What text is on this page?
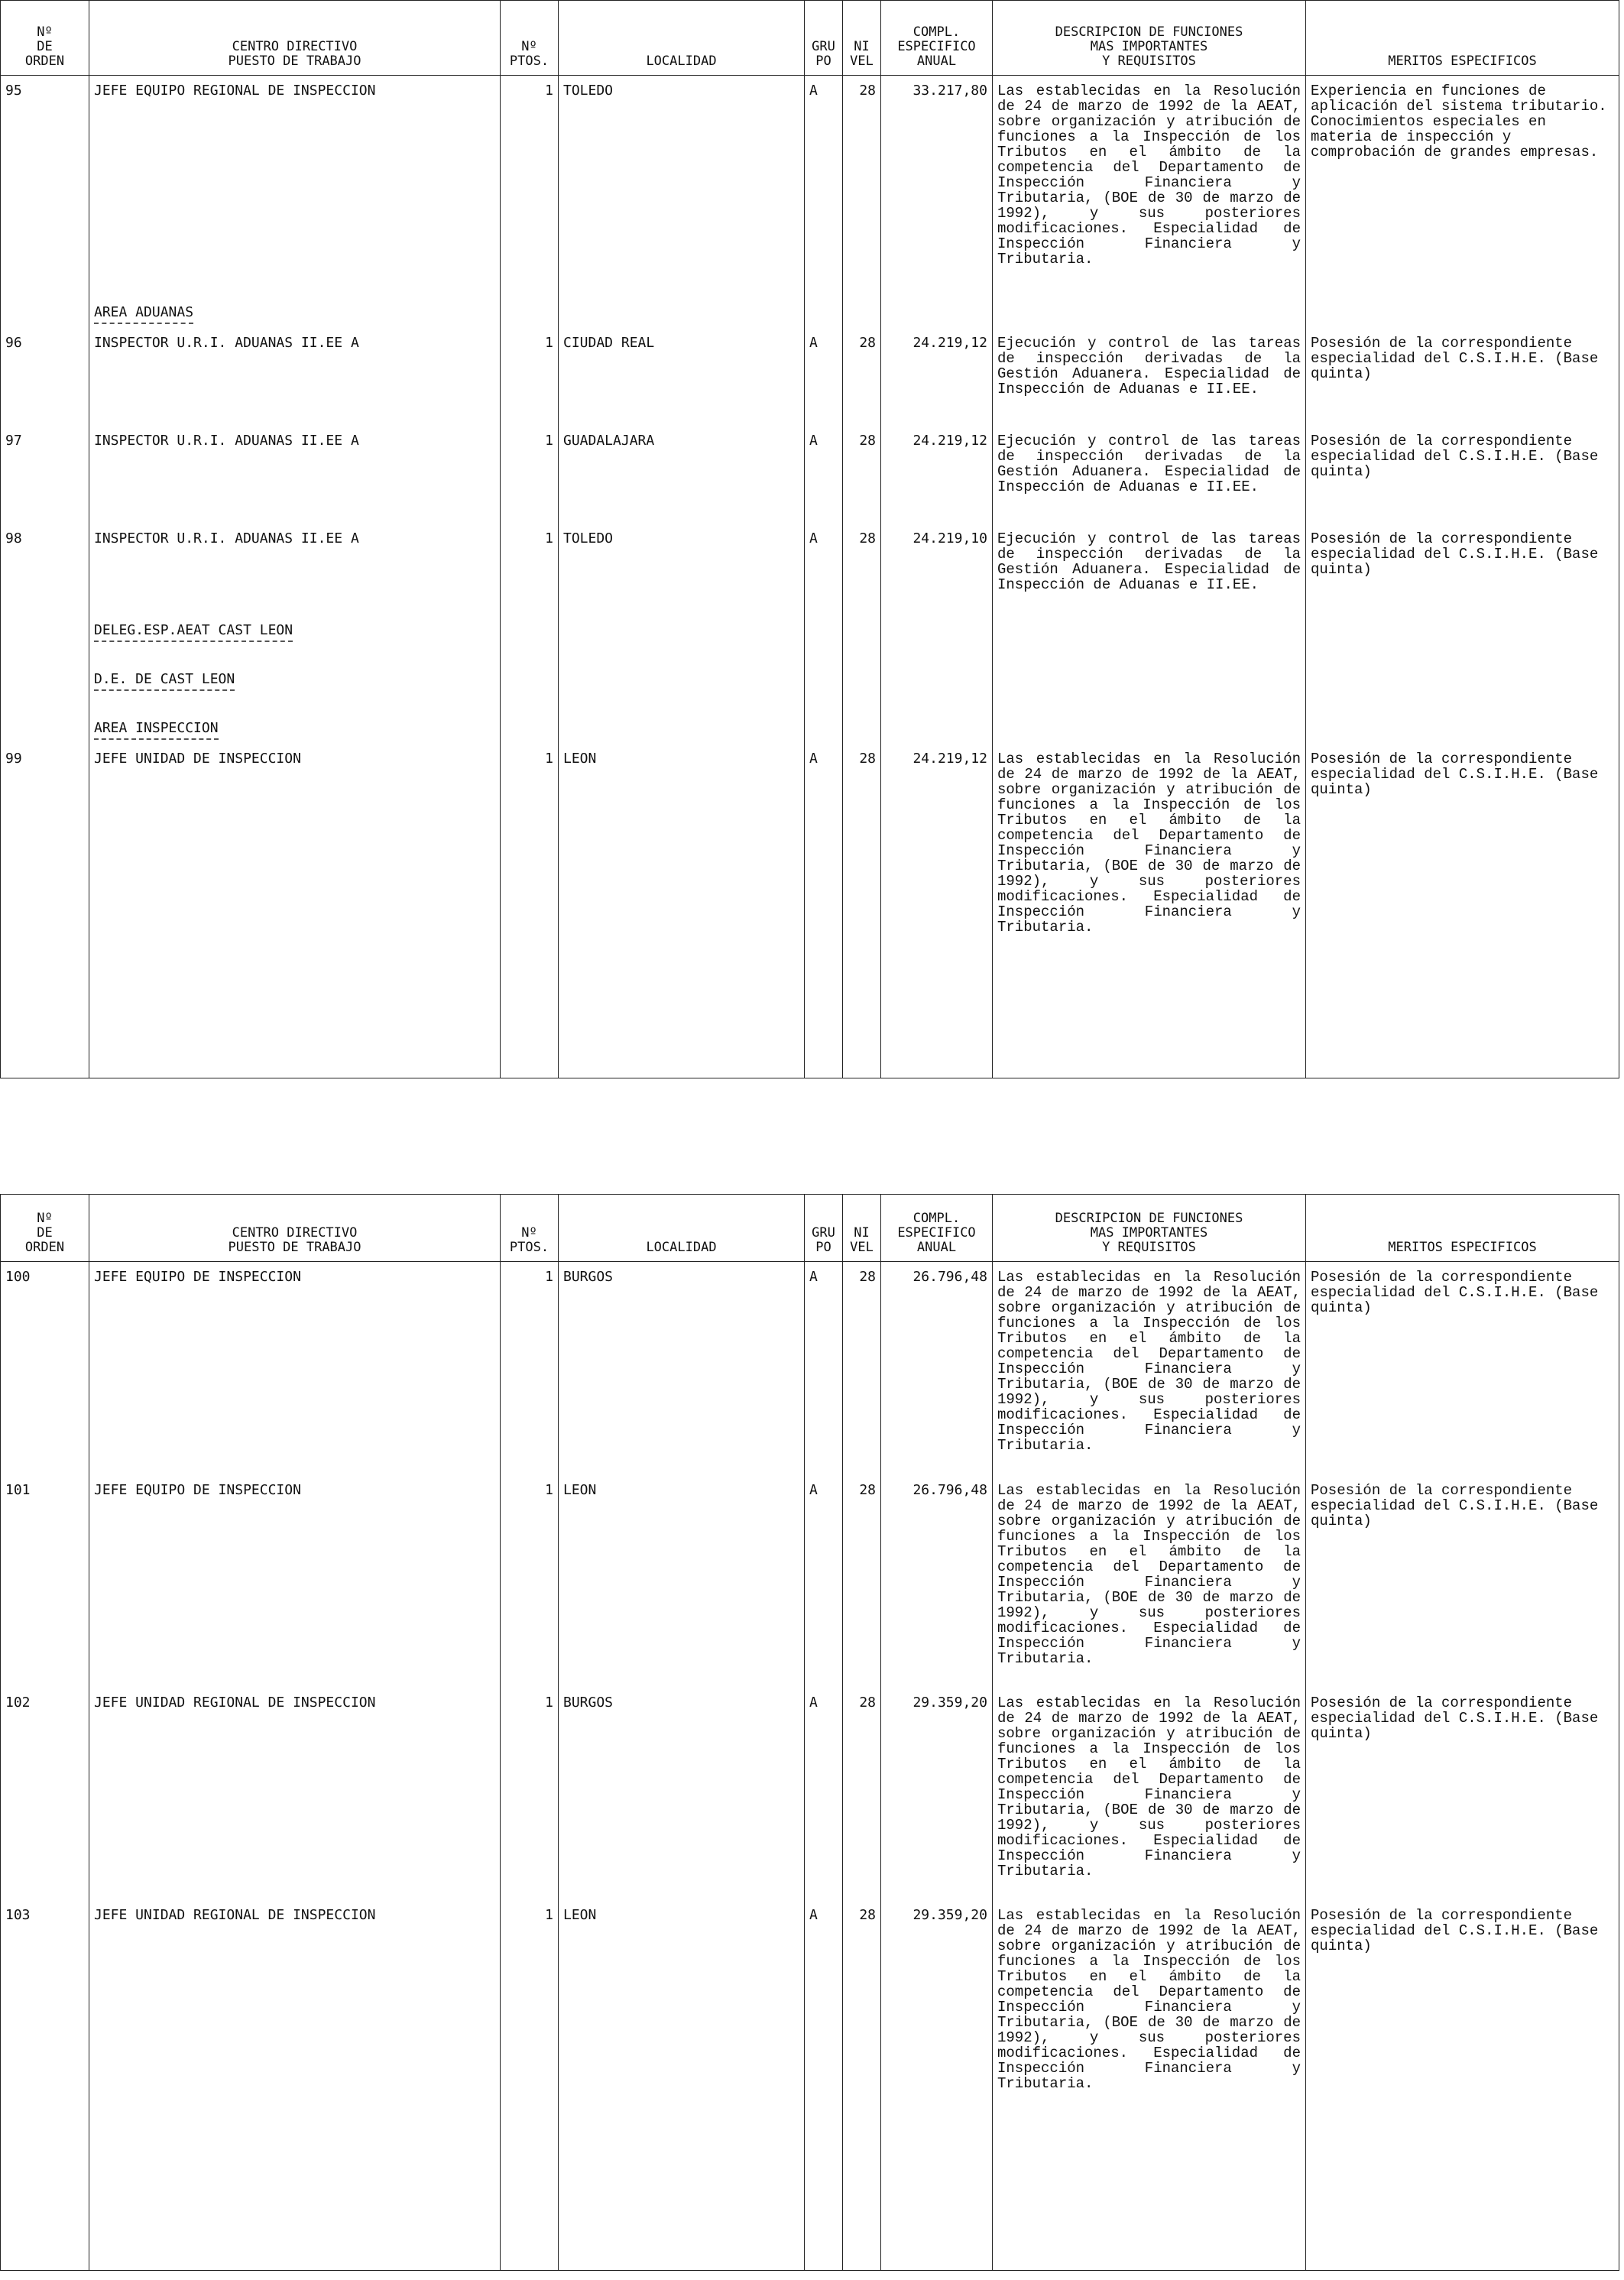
Nº
DE
ORDEN	CENTRO DIRECTIVO
PUESTO DE TRABAJO	Nº
PTOS.	LOCALIDAD	GRU
PO	NI
VEL	COMPL.
ESPECIFICO
ANUAL	DESCRIPCION DE FUNCIONES
MAS IMPORTANTES
Y REQUISITOS	MERITOS ESPECIFICOS
95	JEFE EQUIPO REGIONAL DE INSPECCION	1	TOLEDO	A	28	33.217,80	Las establecidas en la Resolución de 24 de marzo de 1992 de la AEAT, sobre organización y atribución de funciones a la Inspección de los Tributos en el ámbito de la competencia del Departamento de Inspección Financiera y Tributaria, (BOE de 30 de marzo de 1992), y sus posteriores modificaciones. Especialidad de Inspección Financiera y Tributaria.	Experiencia en funciones de aplicación del sistema tributario. Conocimientos especiales en materia de inspección y comprobación de grandes empresas.
	AREA ADUANAS							
96	INSPECTOR U.R.I. ADUANAS II.EE A	1	CIUDAD REAL	A	28	24.219,12	Ejecución y control de las tareas de inspección derivadas de la Gestión Aduanera. Especialidad de Inspección de Aduanas e II.EE.	Posesión de la correspondiente especialidad del C.S.I.H.E. (Base quinta)
97	INSPECTOR U.R.I. ADUANAS II.EE A	1	GUADALAJARA	A	28	24.219,12	Ejecución y control de las tareas de inspección derivadas de la Gestión Aduanera. Especialidad de Inspección de Aduanas e II.EE.	Posesión de la correspondiente especialidad del C.S.I.H.E. (Base quinta)
98	INSPECTOR U.R.I. ADUANAS II.EE A	1	TOLEDO	A	28	24.219,10	Ejecución y control de las tareas de inspección derivadas de la Gestión Aduanera. Especialidad de Inspección de Aduanas e II.EE.	Posesión de la correspondiente especialidad del C.S.I.H.E. (Base quinta)
	DELEG.ESP.AEAT CAST LEON							
	D.E. DE CAST LEON							
	AREA INSPECCION							
99	JEFE UNIDAD DE INSPECCION	1	LEON	A	28	24.219,12	Las establecidas en la Resolución de 24 de marzo de 1992 de la AEAT, sobre organización y atribución de funciones a la Inspección de los Tributos en el ámbito de la competencia del Departamento de Inspección Financiera y Tributaria, (BOE de 30 de marzo de 1992), y sus posteriores modificaciones. Especialidad de Inspección Financiera y Tributaria.	Posesión de la correspondiente especialidad del C.S.I.H.E. (Base quinta)
Nº
DE
ORDEN	CENTRO DIRECTIVO
PUESTO DE TRABAJO	Nº
PTOS.	LOCALIDAD	GRU
PO	NI
VEL	COMPL.
ESPECIFICO
ANUAL	DESCRIPCION DE FUNCIONES
MAS IMPORTANTES
Y REQUISITOS	MERITOS ESPECIFICOS
100	JEFE EQUIPO DE INSPECCION	1	BURGOS	A	28	26.796,48	Las establecidas en la Resolución de 24 de marzo de 1992 de la AEAT, sobre organización y atribución de funciones a la Inspección de los Tributos en el ámbito de la competencia del Departamento de Inspección Financiera y Tributaria, (BOE de 30 de marzo de 1992), y sus posteriores modificaciones. Especialidad de Inspección Financiera y Tributaria.	Posesión de la correspondiente especialidad del C.S.I.H.E. (Base quinta)
101	JEFE EQUIPO DE INSPECCION	1	LEON	A	28	26.796,48	Las establecidas en la Resolución de 24 de marzo de 1992 de la AEAT, sobre organización y atribución de funciones a la Inspección de los Tributos en el ámbito de la competencia del Departamento de Inspección Financiera y Tributaria, (BOE de 30 de marzo de 1992), y sus posteriores modificaciones. Especialidad de Inspección Financiera y Tributaria.	Posesión de la correspondiente especialidad del C.S.I.H.E. (Base quinta)
102	JEFE UNIDAD REGIONAL DE INSPECCION	1	BURGOS	A	28	29.359,20	Las establecidas en la Resolución de 24 de marzo de 1992 de la AEAT, sobre organización y atribución de funciones a la Inspección de los Tributos en el ámbito de la competencia del Departamento de Inspección Financiera y Tributaria, (BOE de 30 de marzo de 1992), y sus posteriores modificaciones. Especialidad de Inspección Financiera y Tributaria.	Posesión de la correspondiente especialidad del C.S.I.H.E. (Base quinta)
103	JEFE UNIDAD REGIONAL DE INSPECCION	1	LEON	A	28	29.359,20	Las establecidas en la Resolución de 24 de marzo de 1992 de la AEAT, sobre organización y atribución de funciones a la Inspección de los Tributos en el ámbito de la competencia del Departamento de Inspección Financiera y Tributaria, (BOE de 30 de marzo de 1992), y sus posteriores modificaciones. Especialidad de Inspección Financiera y Tributaria.	Posesión de la correspondiente especialidad del C.S.I.H.E. (Base quinta)
